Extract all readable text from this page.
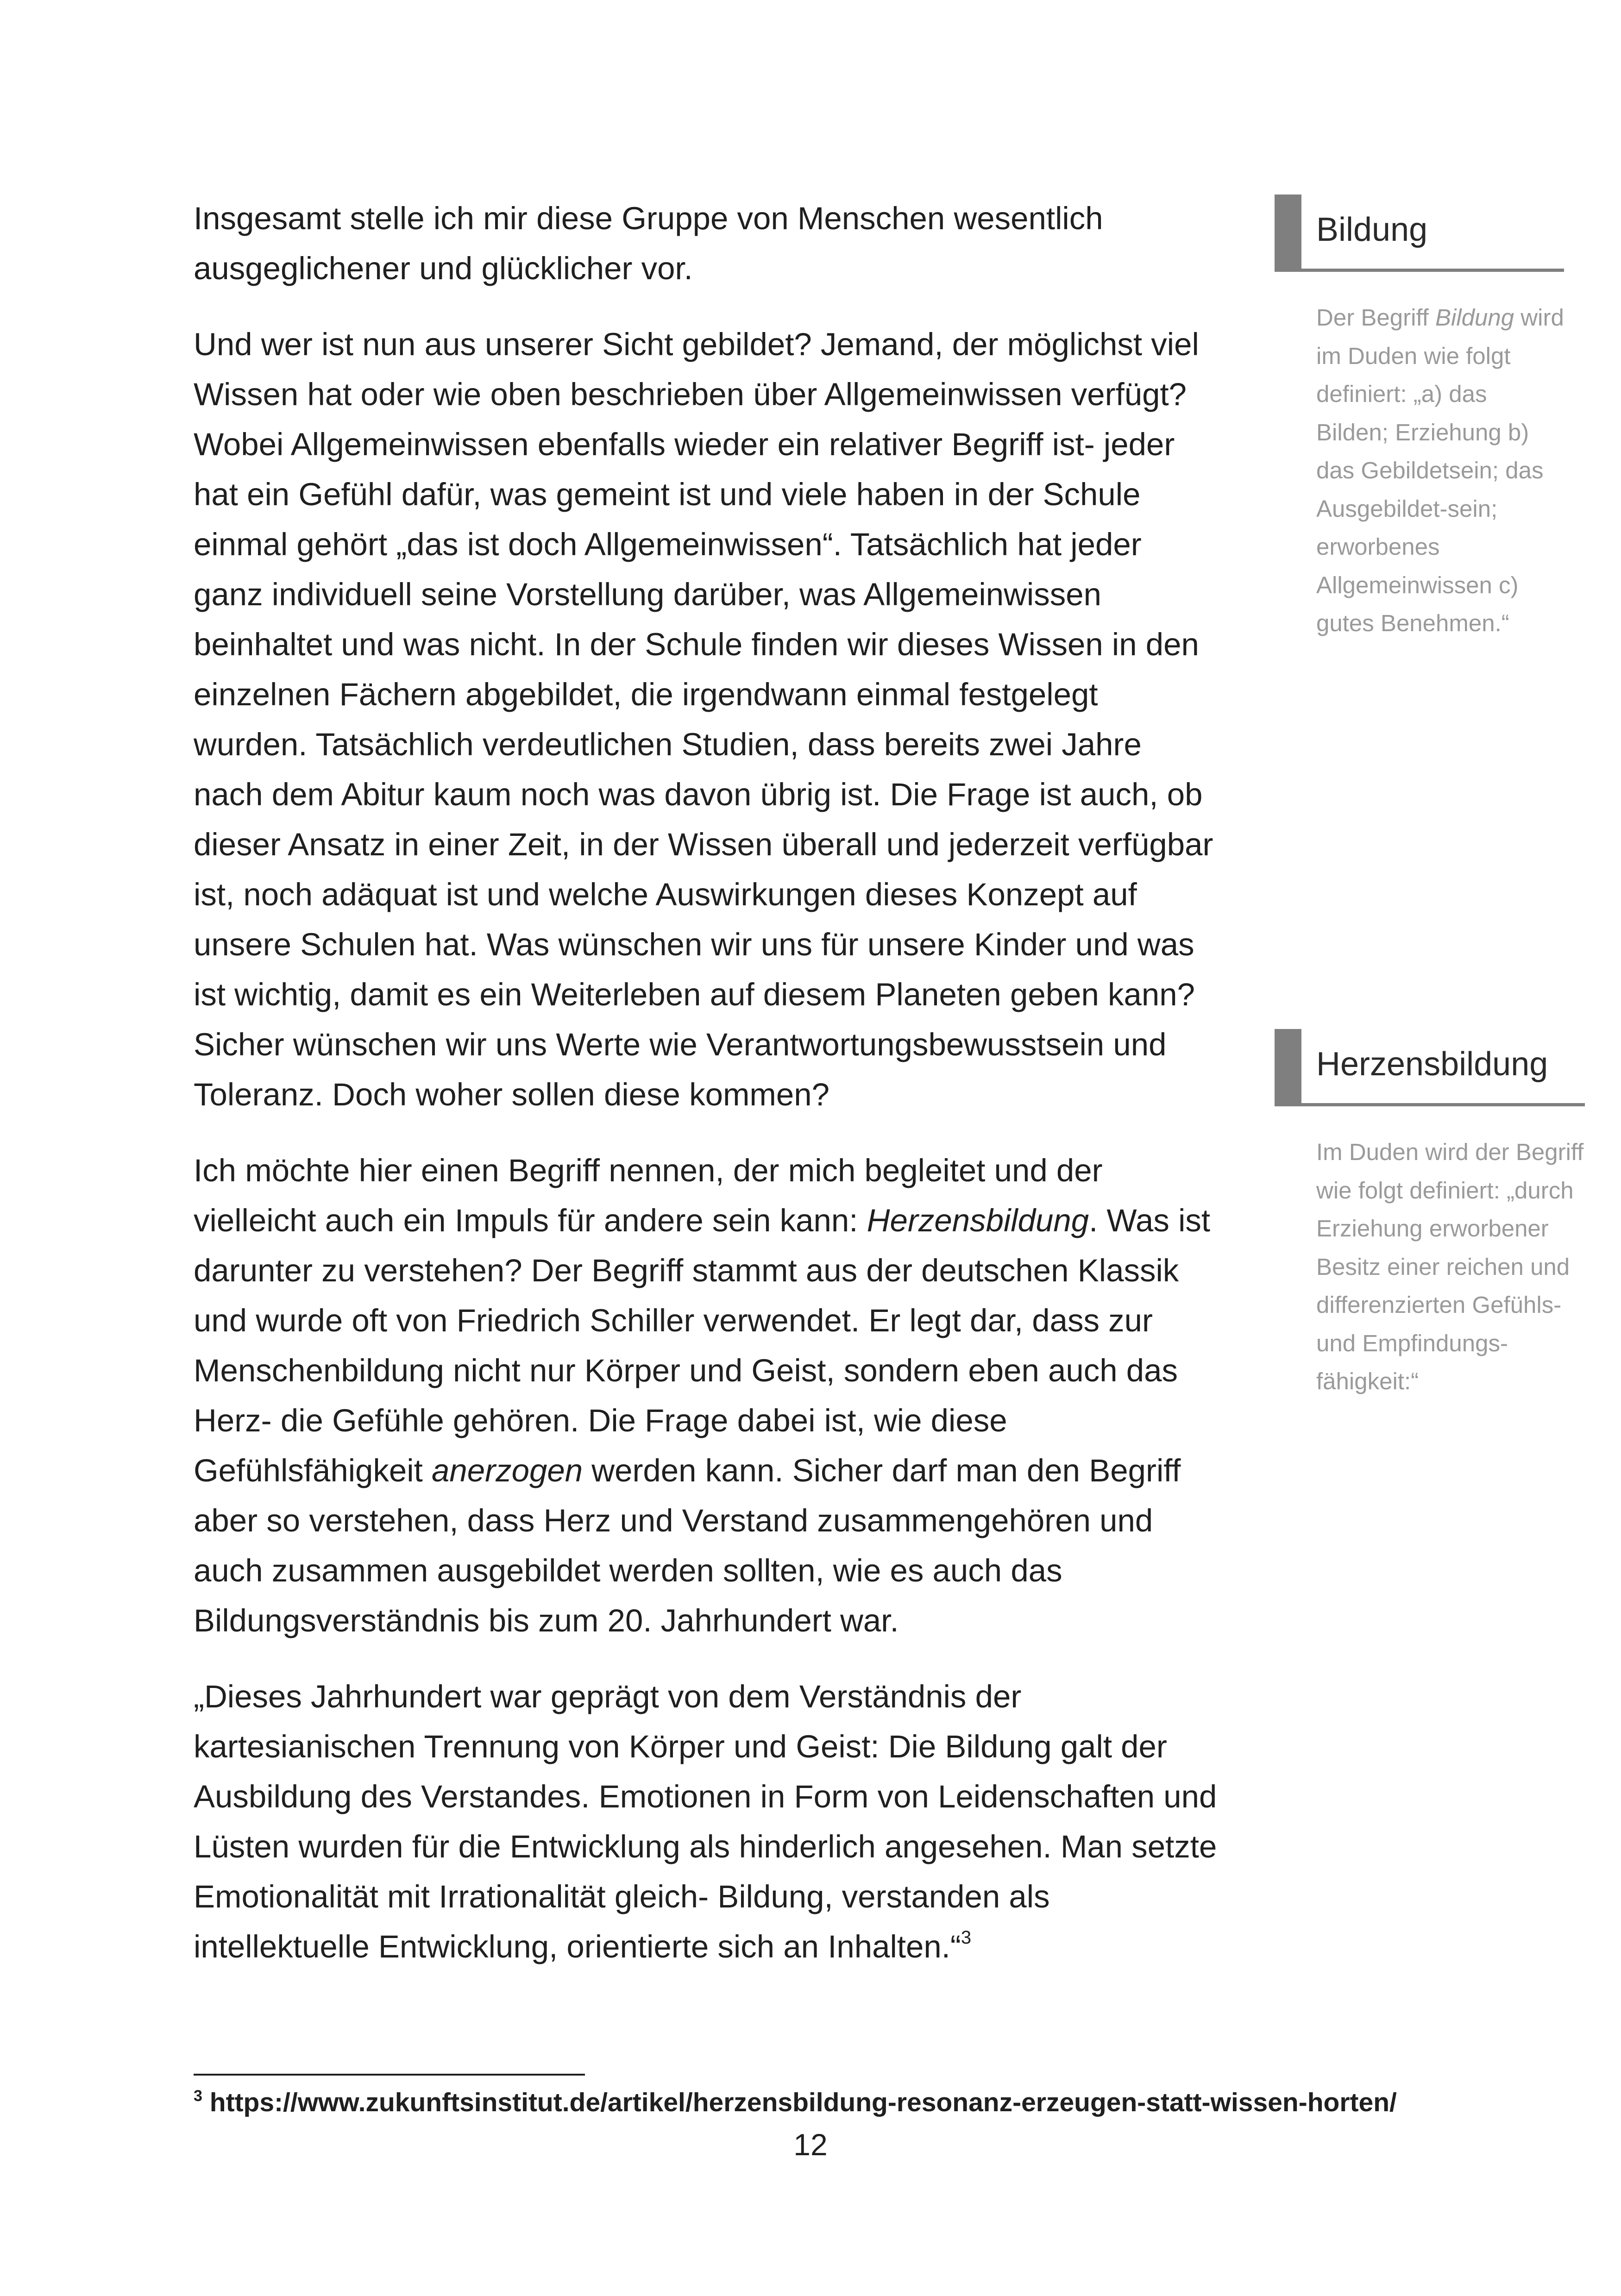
Insgesamt stelle ich mir diese Gruppe von Menschen wesentlich ausgeglichener und glücklicher vor.

Und wer ist nun aus unserer Sicht gebildet? Jemand, der möglichst viel Wissen hat oder wie oben beschrieben über Allgemeinwissen verfügt? Wobei Allgemeinwissen ebenfalls wieder ein relativer Begriff ist- jeder hat ein Gefühl dafür, was gemeint ist und viele haben in der Schule einmal gehört „das ist doch Allgemeinwissen“. Tatsächlich hat jeder ganz individuell seine Vorstellung darüber, was Allgemeinwissen beinhaltet und was nicht. In der Schule finden wir dieses Wissen in den einzelnen Fächern abgebildet, die irgendwann einmal festgelegt wurden. Tatsächlich verdeutlichen Studien, dass bereits zwei Jahre nach dem Abitur kaum noch was davon übrig ist. Die Frage ist auch, ob dieser Ansatz in einer Zeit, in der Wissen überall und jederzeit verfügbar ist, noch adäquat ist und welche Auswirkungen dieses Konzept auf unsere Schulen hat. Was wünschen wir uns für unsere Kinder und was ist wichtig, damit es ein Weiterleben auf diesem Planeten geben kann? Sicher wünschen wir uns Werte wie Verantwortungsbewusstsein und Toleranz. Doch woher sollen diese kommen?

Ich möchte hier einen Begriff nennen, der mich begleitet und der vielleicht auch ein Impuls für andere sein kann: Herzensbildung. Was ist darunter zu verstehen? Der Begriff stammt aus der deutschen Klassik und wurde oft von Friedrich Schiller verwendet. Er legt dar, dass zur Menschenbildung nicht nur Körper und Geist, sondern eben auch das Herz- die Gefühle gehören. Die Frage dabei ist, wie diese Gefühlsfähigkeit anerzogen werden kann. Sicher darf man den Begriff aber so verstehen, dass Herz und Verstand zusammengehören und auch zusammen ausgebildet werden sollten, wie es auch das Bildungsverständnis bis zum 20. Jahrhundert war.

„Dieses Jahrhundert war geprägt von dem Verständnis der kartesianischen Trennung von Körper und Geist: Die Bildung galt der Ausbildung des Verstandes. Emotionen in Form von Leidenschaften und Lüsten wurden für die Entwicklung als hinderlich angesehen. Man setzte Emotionalität mit Irrationalität gleich- Bildung, verstanden als intellektuelle Entwicklung, orientierte sich an Inhalten.“$^3$

Bildung
Der Begriff Bildung wird im Duden wie folgt definiert: „a) das Bilden; Erziehung b) das Gebildetsein; das Ausgebildet-sein; erworbenes Allgemeinwissen c) gutes Benehmen.“
Herzensbildung
Im Duden wird der Begriff wie folgt definiert: „durch Erziehung erworbener Besitz einer reichen und differenzierten Gefühls- und Empfindungs-fähigkeit:“
$^3$ https://www.zukunftsinstitut.de/artikel/herzensbildung-resonanz-erzeugen-statt-wissen-horten/
12
